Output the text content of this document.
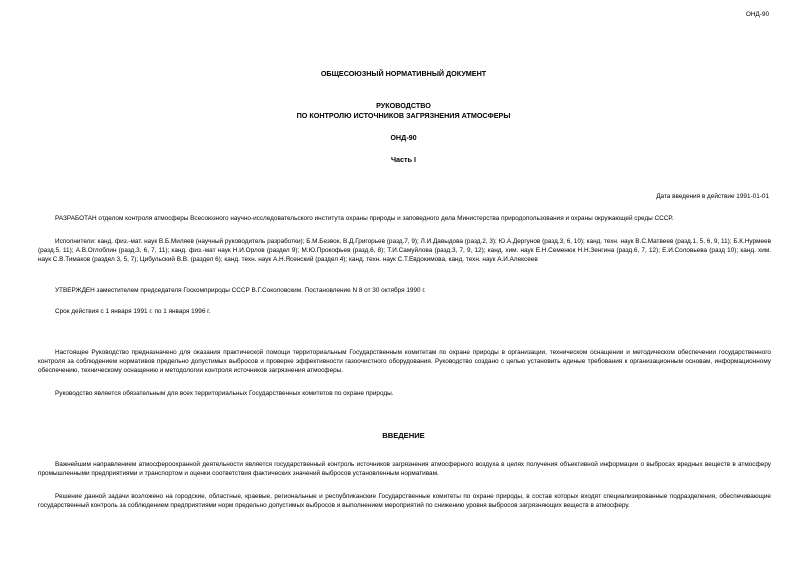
ОНД-90
ОБЩЕСОЮЗНЫЙ НОРМАТИВНЫЙ ДОКУМЕНТ
РУКОВОДСТВО
ПО КОНТРОЛЮ ИСТОЧНИКОВ ЗАГРЯЗНЕНИЯ АТМОСФЕРЫ
ОНД-90
Часть I
Дата введения в действие 1991-01-01
РАЗРАБОТАН отделом контроля атмосферы Всесоюзного научно-исследовательского института охраны природы и заповедного дела Министерства природопользования и охраны окружающей среды СССР.
Исполнители: канд. физ.-мат. наук В.Б.Миляев (научный руководитель разработки); Б.М.Безвок, В.Д.Григорьев (разд.7, 9); Л.И.Давыдова (разд.2, 3); Ю.А.Дергунов (разд.3, 6, 10); канд. техн. наук В.С.Матвеев (разд.1, 5, 6, 9, 11); Б.К.Нурмеев (разд.5, 11); А.В.Оглоблин (разд.3, 6, 7, 11); канд. физ.-мат наук Н.И.Орлов (раздел 9); М.Ю.Прокофьев (разд.6, 8); Т.И.Самуйлова (разд.3, 7, 9, 12); канд. хим. наук Е.Н.Семенюк Н.Н.Зенгина (разд.6, 7, 12); Е.И.Соловьева (разд 10); канд. хим. наук С.В.Тимаков (раздел 3, 5, 7); Цибульский В.В. (раздел 6); канд. техн. наук А.Н.Ясенский (раздел 4); канд. техн. наук С.Т.Евдокимова, канд. техн. наук А.И.Алексеев
УТВЕРЖДЕН заместителем председателя Госкомприроды СССР В.Г.Соколовским. Постановление N 8 от 30 октября 1990 г.
Срок действия с 1 января 1991 г. по 1 января 1996 г.
Настоящее Руководство предназначено для оказания практической помощи территориальным Государственным комитетам по охране природы в организации, техническом оснащении и методическом обеспечении государственного контроля за соблюдением нормативов предельно допустимых выбросов и проверке эффективности газоочистного оборудования. Руководство создано с целью установить единые требования к организационным основам, информационному обеспечению, техническому оснащению и методологии контроля источников загрязнения атмосферы.
Руководство является обязательным для всех территориальных Государственных комитетов по охране природы.
ВВЕДЕНИЕ
Важнейшим направлением атмосфероохранной деятельности является государственный контроль источников загрязнения атмосферного воздуха в целях получения объективной информации о выбросах вредных веществ в атмосферу промышленными предприятиями и транспортом и оценки соответствия фактических значений выбросов установленным нормативам.
Решение данной задачи возложено на городские, областные, краевые, региональные и республиканские Государственные комитеты по охране природы, в состав которых входят специализированные подразделения, обеспечивающие государственный контроль за соблюдением предприятиями норм предельно допустимых выбросов и выполнением мероприятий по снижению уровня выбросов загрязняющих веществ в атмосферу.
